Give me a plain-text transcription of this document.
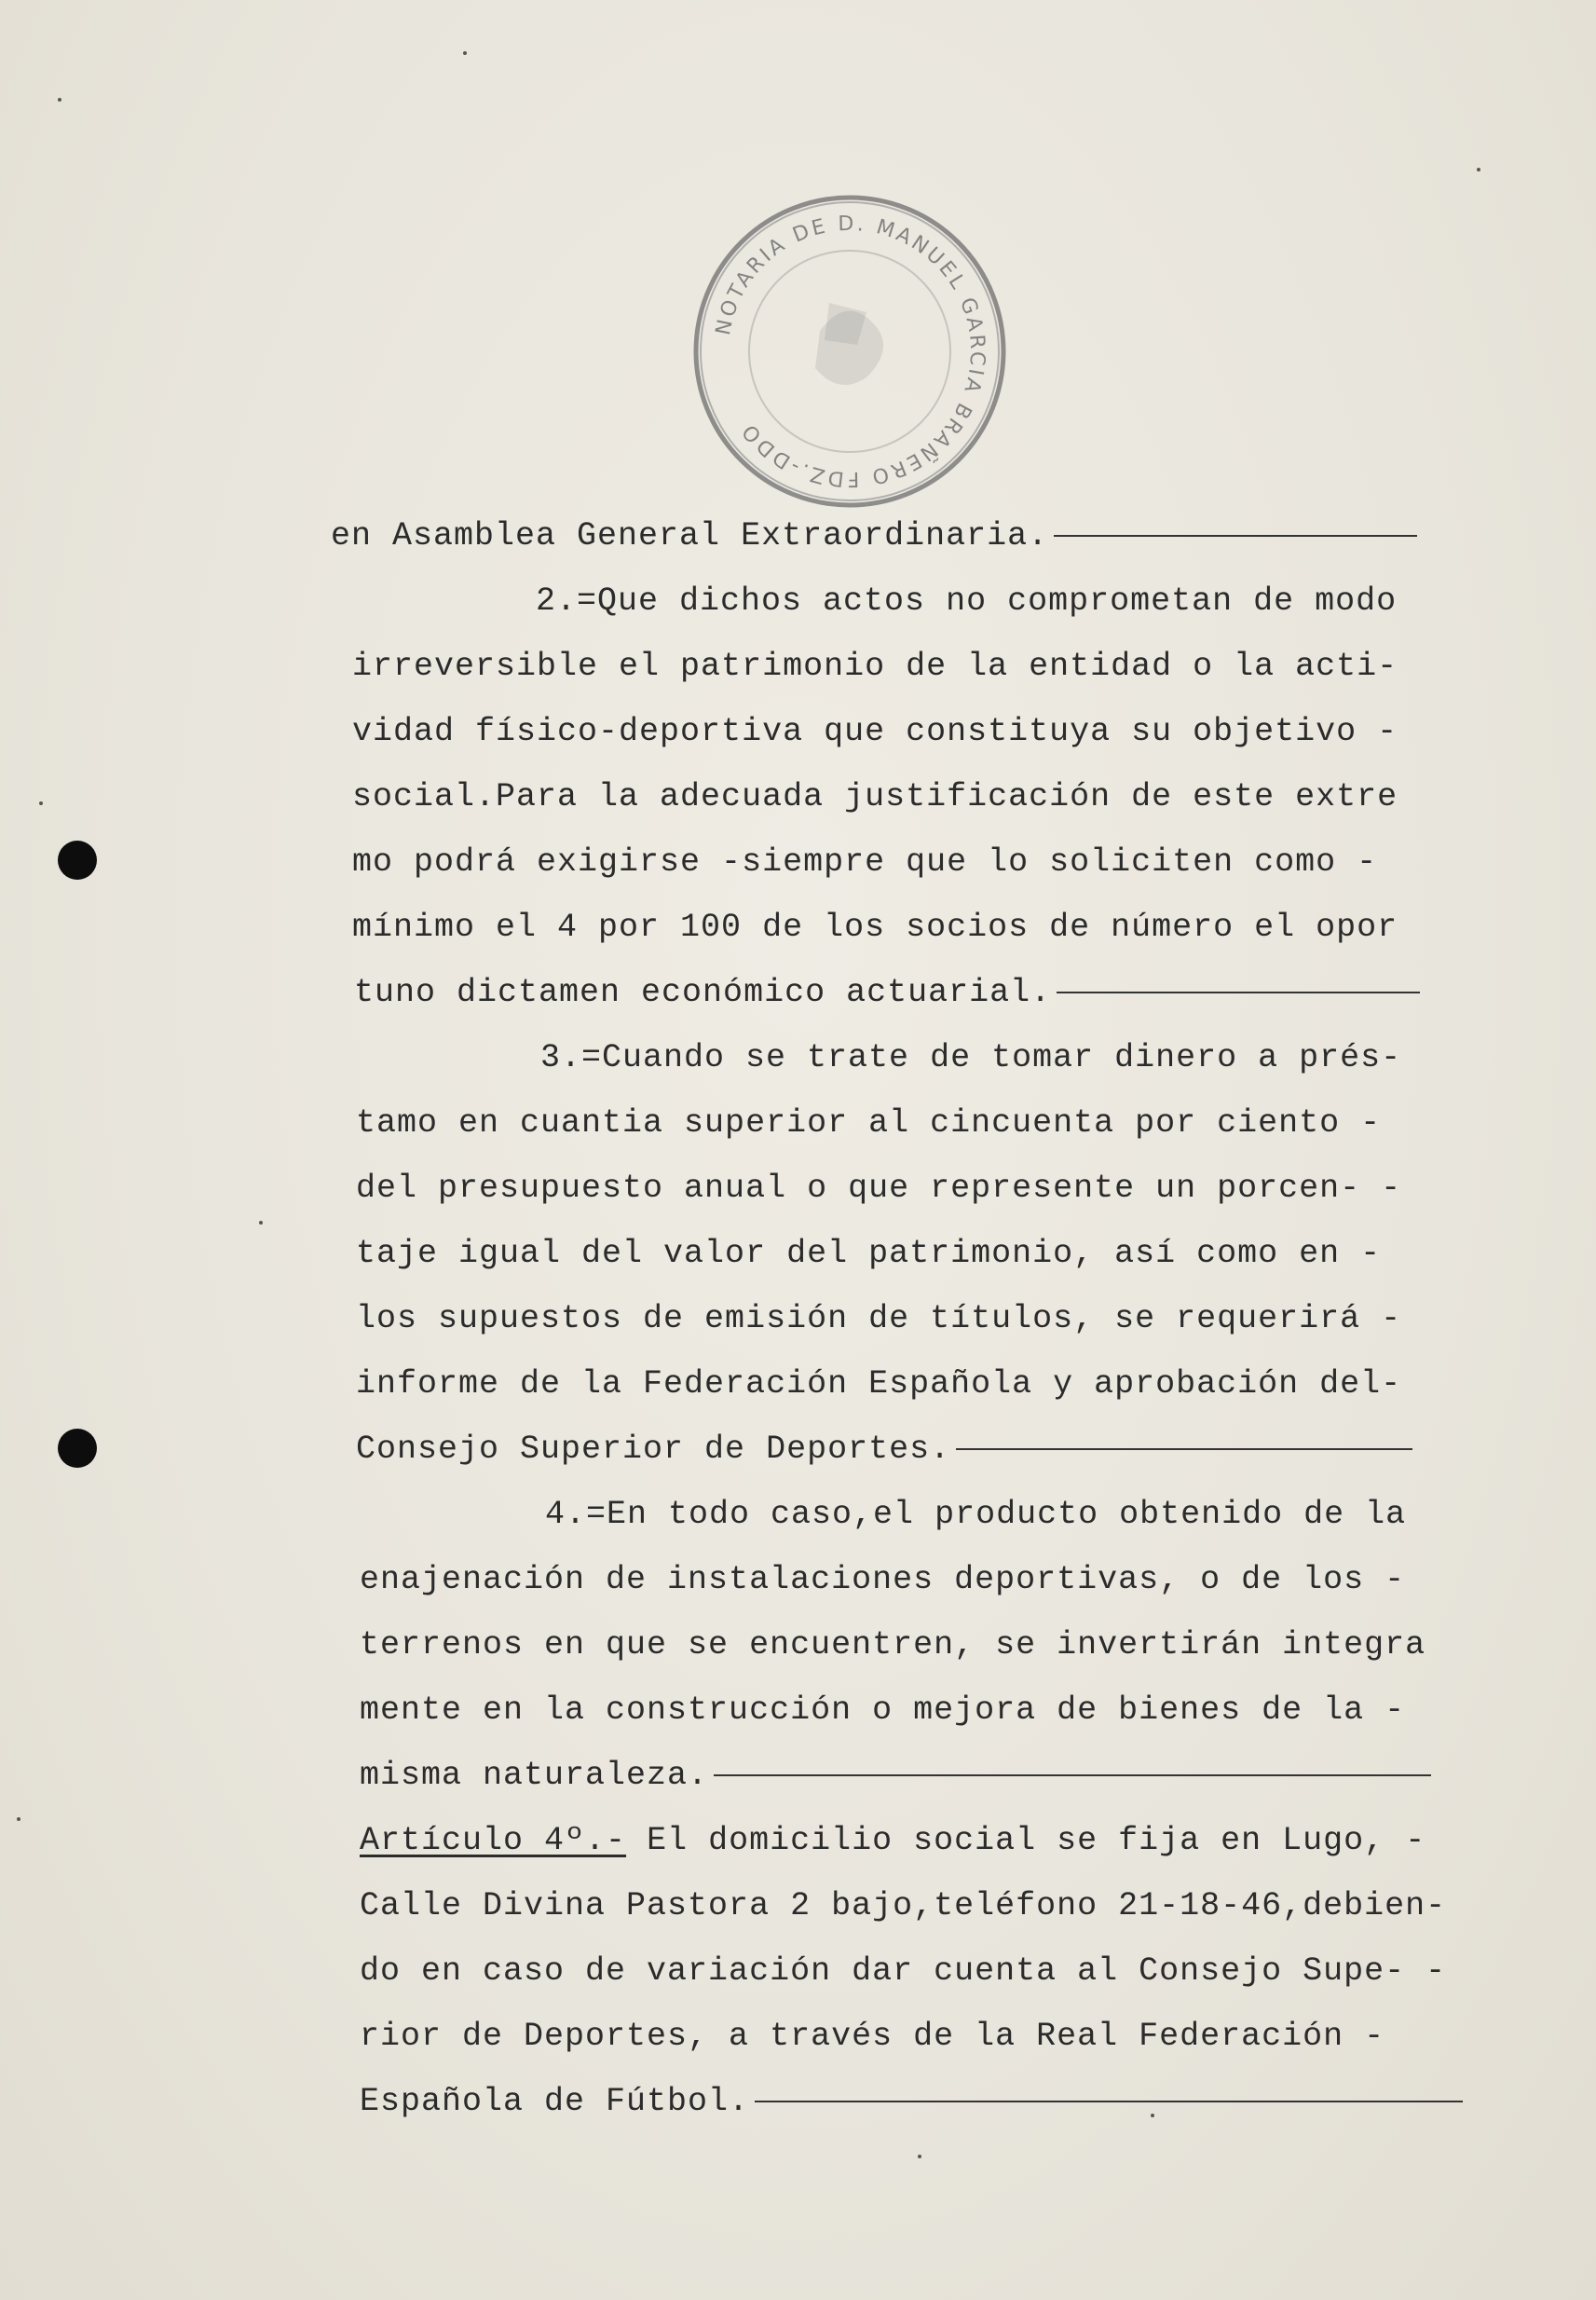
NOTARIA DE D. MANUEL GARCIA BRAÑERO FDZ.-DDO
en Asamblea General Extraordinaria.
2.=Que dichos actos no comprometan de modo
irreversible el patrimonio de la entidad o la acti-
vidad físico-deportiva que constituya su objetivo -
social.Para la adecuada justificación de este extre
mo podrá exigirse -siempre que lo soliciten como -
mínimo el 4 por 100 de los socios de número el opor
tuno dictamen económico actuarial.
3.=Cuando se trate de tomar dinero a prés-
tamo en cuantia superior al cincuenta por ciento -
del presupuesto anual o que represente un porcen- -
taje igual del valor del patrimonio, así como en -
los supuestos de emisión de títulos, se requerirá -
informe de la Federación Española y aprobación del-
Consejo Superior de Deportes.
4.=En todo caso,el producto obtenido de la
enajenación de instalaciones deportivas, o de los -
terrenos en que se encuentren, se invertirán integra
mente en la construcción o mejora de bienes de la -
misma naturaleza.
Artículo 4º.- El domicilio social se fija en Lugo, -
Calle Divina Pastora 2 bajo,teléfono 21-18-46,debien-
do en caso de variación dar cuenta al Consejo Supe- -
rior de Deportes, a través de la Real Federación -
Española de Fútbol.
